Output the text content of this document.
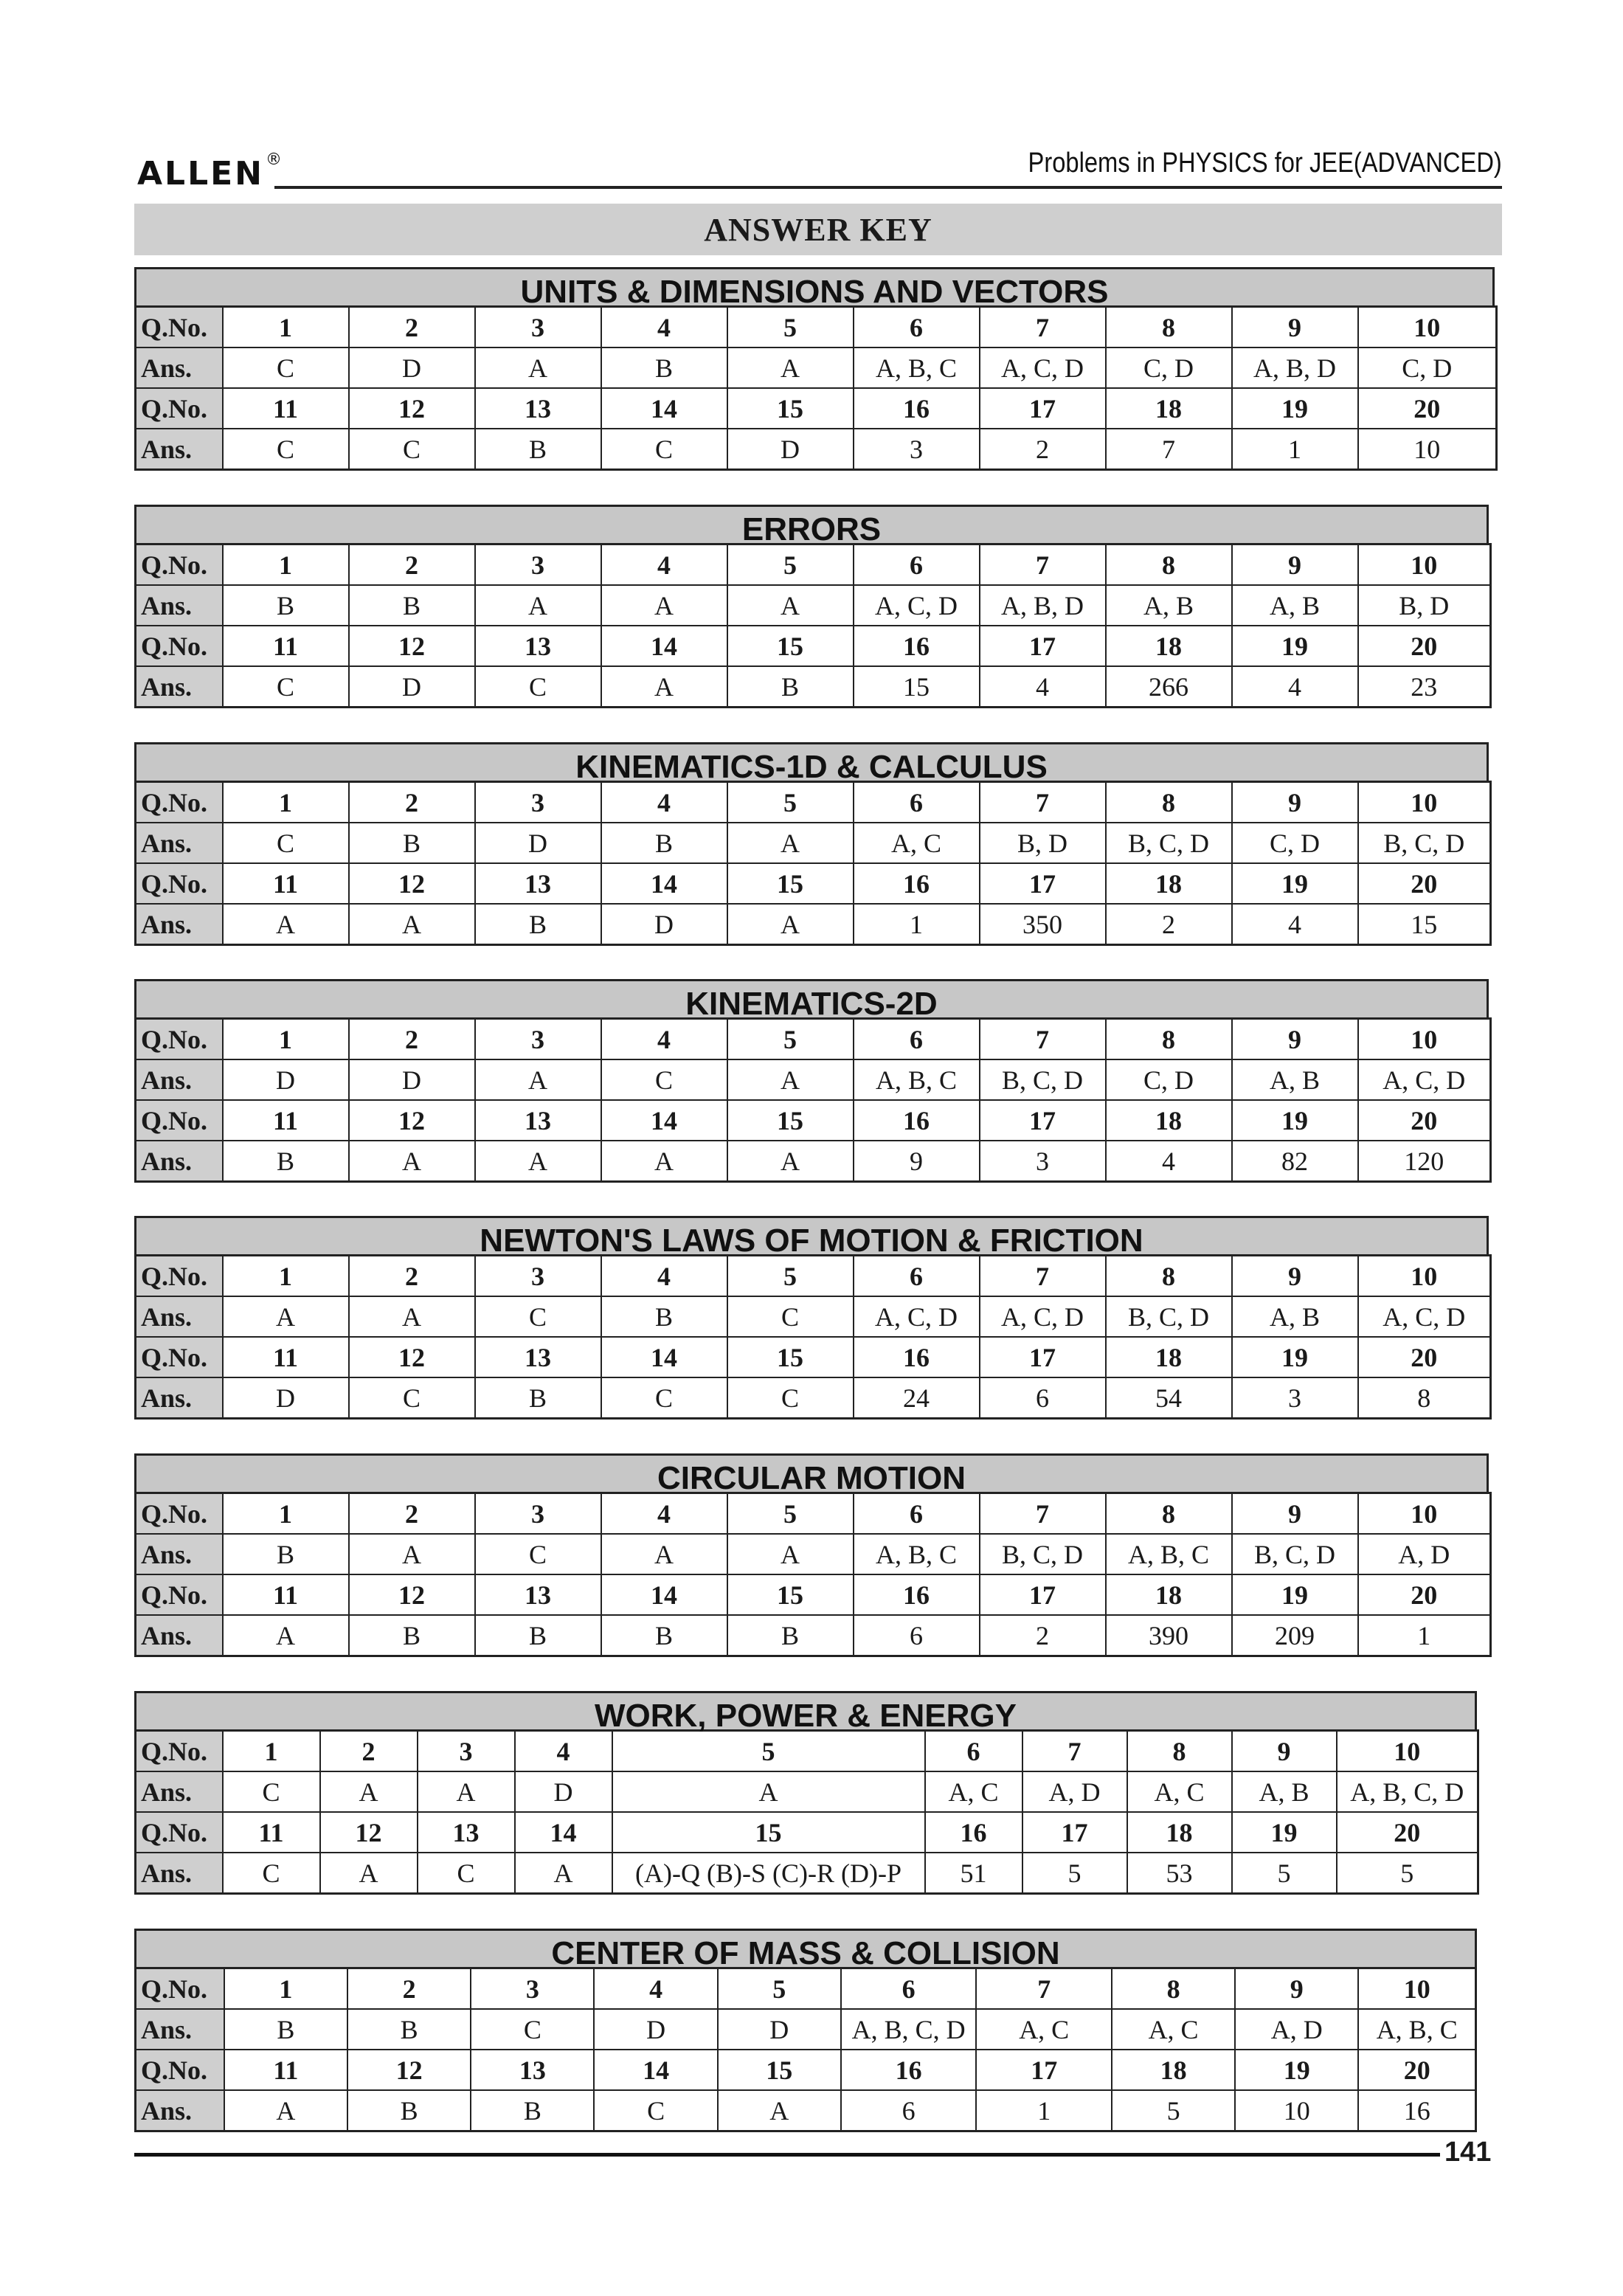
ALLEN®	Problems in PHYSICS for JEE(ADVANCED)
ANSWER KEY
UNITS & DIMENSIONS AND VECTORS
Q.No.	1	2	3	4	5	6	7	8	9	10
Ans.	C	D	A	B	A	A, B, C	A, C, D	C, D	A, B, D	C, D
Q.No.	11	12	13	14	15	16	17	18	19	20
Ans.	C	C	B	C	D	3	2	7	1	10
ERRORS
Q.No.	1	2	3	4	5	6	7	8	9	10
Ans.	B	B	A	A	A	A, C, D	A, B, D	A, B	A, B	B, D
Q.No.	11	12	13	14	15	16	17	18	19	20
Ans.	C	D	C	A	B	15	4	266	4	23
KINEMATICS-1D & CALCULUS
Q.No.	1	2	3	4	5	6	7	8	9	10
Ans.	C	B	D	B	A	A, C	B, D	B, C, D	C, D	B, C, D
Q.No.	11	12	13	14	15	16	17	18	19	20
Ans.	A	A	B	D	A	1	350	2	4	15
KINEMATICS-2D
Q.No.	1	2	3	4	5	6	7	8	9	10
Ans.	D	D	A	C	A	A, B, C	B, C, D	C, D	A, B	A, C, D
Q.No.	11	12	13	14	15	16	17	18	19	20
Ans.	B	A	A	A	A	9	3	4	82	120
NEWTON'S LAWS OF MOTION & FRICTION
Q.No.	1	2	3	4	5	6	7	8	9	10
Ans.	A	A	C	B	C	A, C, D	A, C, D	B, C, D	A, B	A, C, D
Q.No.	11	12	13	14	15	16	17	18	19	20
Ans.	D	C	B	C	C	24	6	54	3	8
CIRCULAR MOTION
Q.No.	1	2	3	4	5	6	7	8	9	10
Ans.	B	A	C	A	A	A, B, C	B, C, D	A, B, C	B, C, D	A, D
Q.No.	11	12	13	14	15	16	17	18	19	20
Ans.	A	B	B	B	B	6	2	390	209	1
WORK, POWER & ENERGY
Q.No.	1	2	3	4	5	6	7	8	9	10
Ans.	C	A	A	D	A	A, C	A, D	A, C	A, B	A, B, C, D
Q.No.	11	12	13	14	15	16	17	18	19	20
Ans.	C	A	C	A	(A)-Q (B)-S (C)-R (D)-P	51	5	53	5	5
CENTER OF MASS & COLLISION
Q.No.	1	2	3	4	5	6	7	8	9	10
Ans.	B	B	C	D	D	A, B, C, D	A, C	A, C	A, D	A, B, C
Q.No.	11	12	13	14	15	16	17	18	19	20
Ans.	A	B	B	C	A	6	1	5	10	16
141
